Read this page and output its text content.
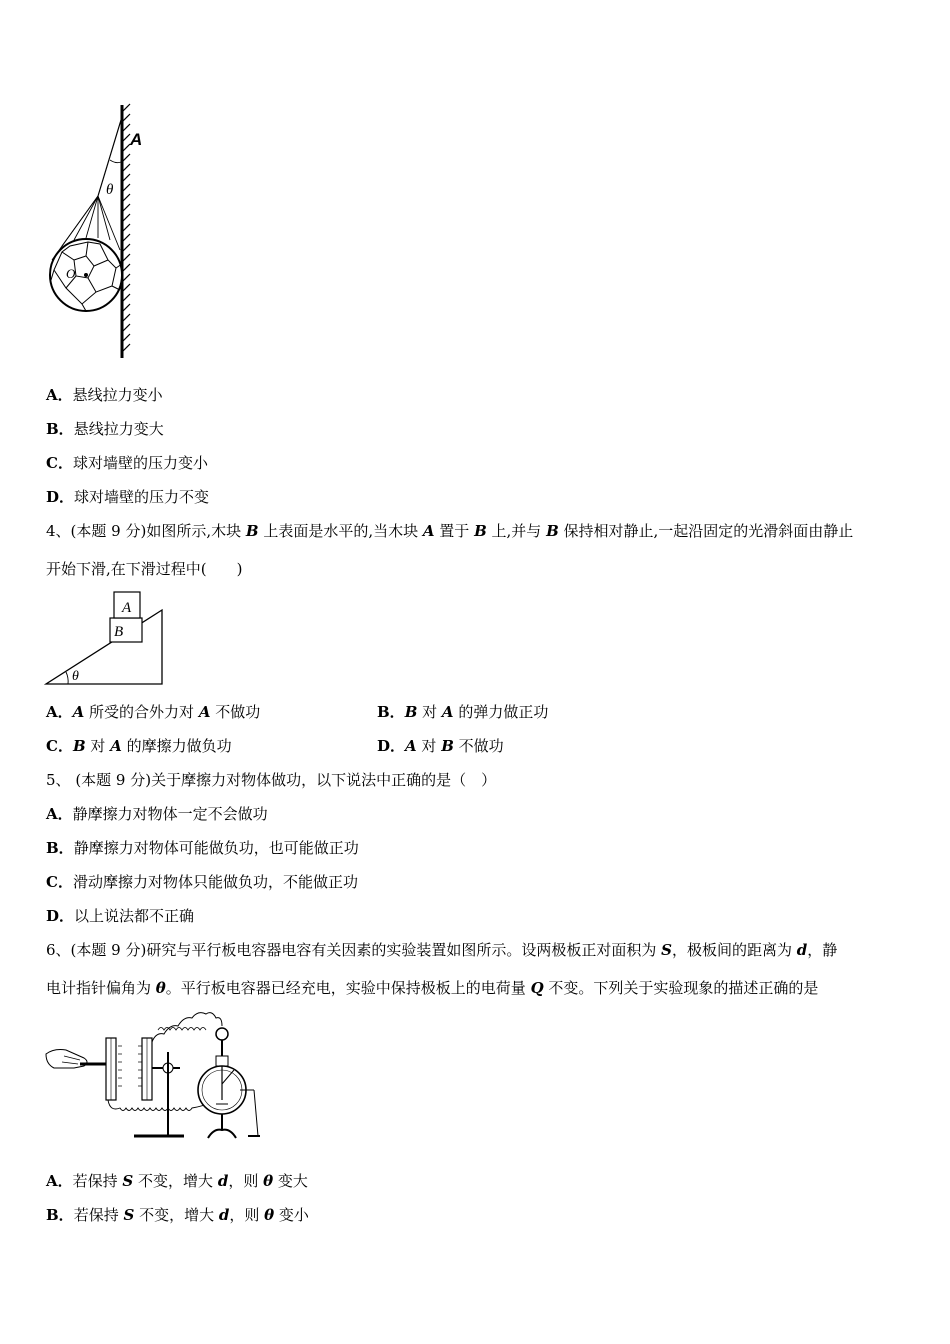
O
A
θ
A．悬线拉力变小
B．悬线拉力变大
C．球对墙壁的压力变小
D．球对墙壁的压力不变
4、(本题 9 分)如图所示,木块 B 上表面是水平的,当木块 A 置于 B 上,并与 B 保持相对静止,一起沿固定的光滑斜面由静止
开始下滑,在下滑过程中(　　)
A
B
θ
A．A 所受的合外力对 A 不做功	B．B 对 A 的弹力做正功
C．B 对 A 的摩擦力做负功	D．A 对 B 不做功
5、 (本题 9 分)关于摩擦力对物体做功，以下说法中正确的是（　）
A．静摩擦力对物体一定不会做功
B．静摩擦力对物体可能做负功，也可能做正功
C．滑动摩擦力对物体只能做负功，不能做正功
D．以上说法都不正确
6、(本题 9 分)研究与平行板电容器电容有关因素的实验装置如图所示。设两极板正对面积为 S，极板间的距离为 d，静
电计指针偏角为 θ。平行板电容器已经充电，实验中保持极板上的电荷量 Q 不变。下列关于实验现象的描述正确的是
A．若保持 S 不变，增大 d，则 θ 变大
B．若保持 S 不变，增大 d，则 θ 变小
